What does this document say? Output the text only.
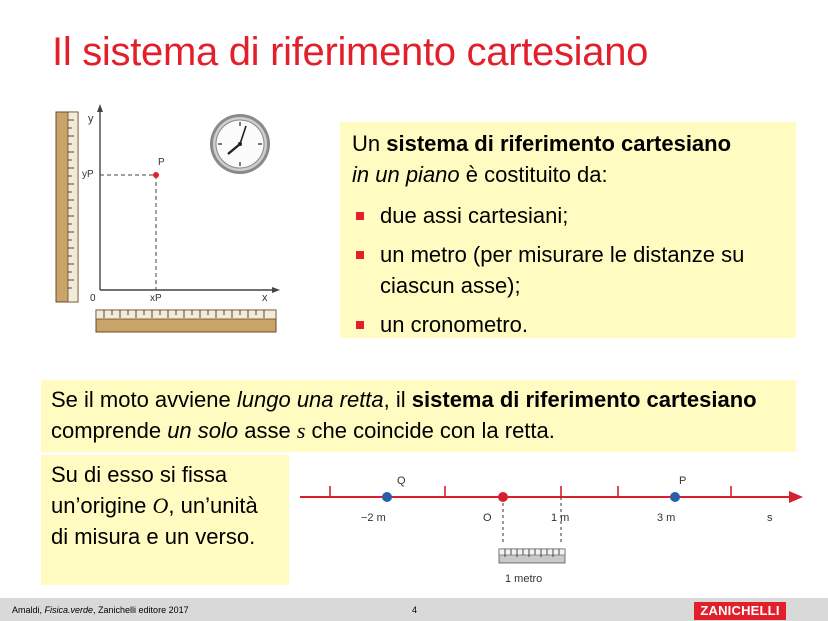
Il sistema di riferimento cartesiano
y
yP
P
0	xP	x
Un sistema di riferimento cartesiano
in un piano è costituito da:
due assi cartesiani;
un metro (per misurare le distanze su ciascun asse);
un cronometro.
Se il moto avviene lungo una retta, il sistema di riferimento cartesiano comprende un solo asse s che coincide con la retta.
Su di esso si fissa un’origine O, un’unità di misura e un verso.
Q	P
−2 m	O	1 m	3 m	s
1 metro
Amaldi, Fisica.verde, Zanichelli editore 2017	4	ZANICHELLI
